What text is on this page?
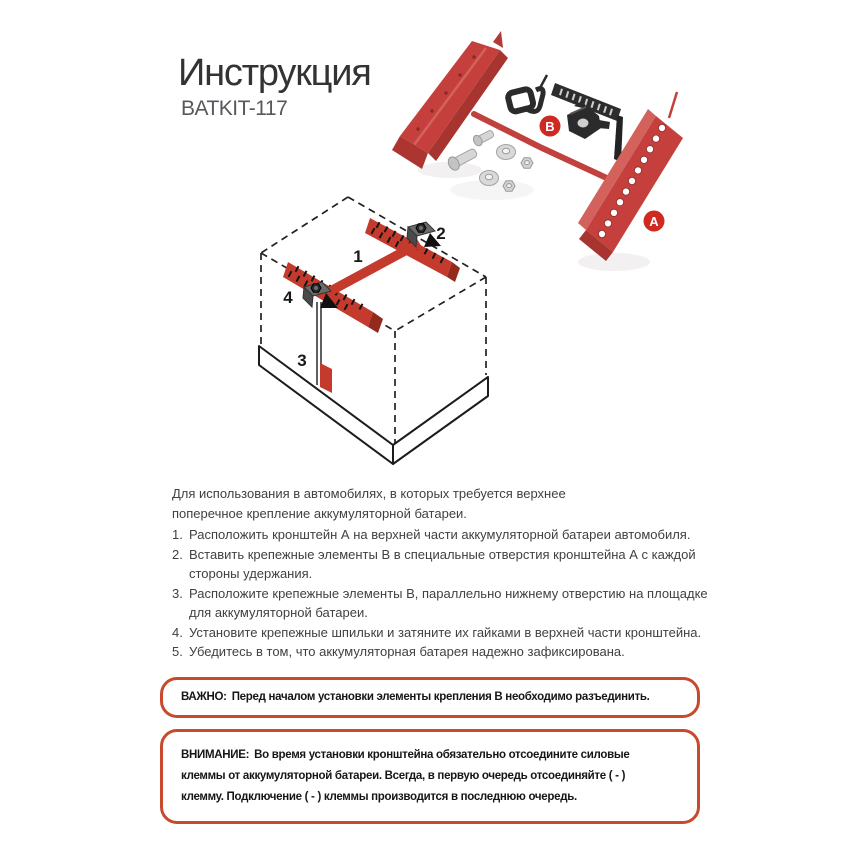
Инструкция
BATKIT-117
B
A
1
2
3
4

Для использования в автомобилях, в которых требуется верхнее поперечное крепление аккумуляторной батареи.

1. Расположить кронштейн А на верхней части аккумуляторной батареи автомобиля.
2. Вставить крепежные элементы В в специальные отверстия кронштейна А с каждой стороны удержания.
3. Расположите крепежные элементы В, параллельно нижнему отверстию на площадке для аккумуляторной батареи.
4. Установите крепежные шпильки и затяните их гайками в верхней части кронштейна.
5. Убедитесь в том, что аккумуляторная батарея надежно зафиксирована.
ВАЖНО: Перед началом установки элементы крепления В необходимо разъединить.
ВНИМАНИЕ: Во время установки кронштейна обязательно отсоедините силовые
клеммы от аккумуляторной батареи. Всегда, в первую очередь отсоединяйте ( - )
клемму. Подключение ( - ) клеммы производится в последнюю очередь.
